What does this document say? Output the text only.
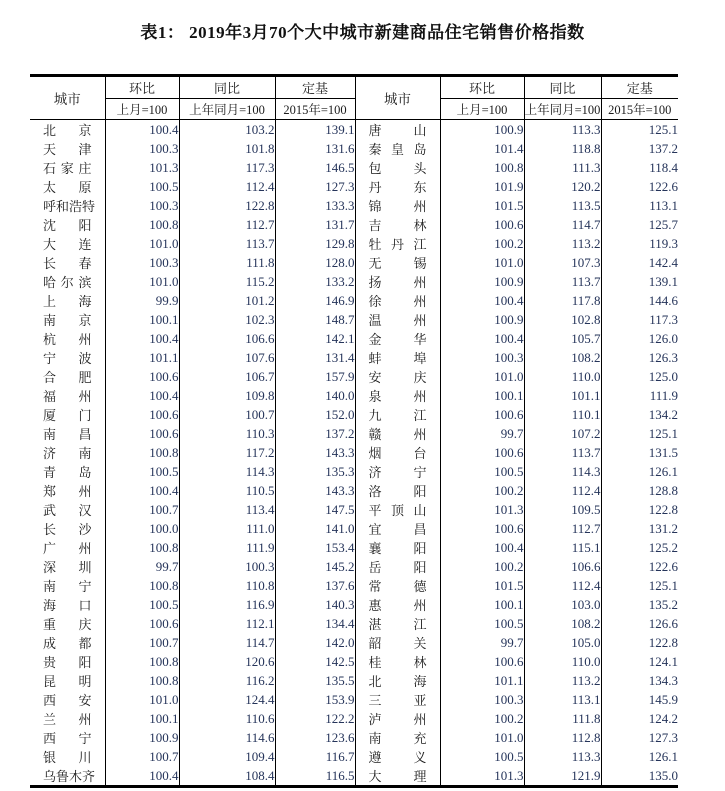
表1： 2019年3月70个大中城市新建商品住宅销售价格指数
城市	环比	同比	定基	城市	环比	同比	定基
	上月=100	上年同月=100	2015年=100		上月=100	上年同月=100	2015年=100

北 京	100.4	103.2	139.1	唐 山	100.9	113.3	125.1

天 津	100.3	101.8	131.6	秦 皇 岛	101.4	118.8	137.2

石 家 庄	101.3	117.3	146.5	包 头	100.8	111.3	118.4

太 原	100.5	112.4	127.3	丹 东	101.9	120.2	122.6

呼 和 浩 特	100.3	122.8	133.3	锦 州	101.5	113.5	113.1

沈 阳	100.8	112.7	131.7	吉 林	100.6	114.7	125.7

大 连	101.0	113.7	129.8	牡 丹 江	100.2	113.2	119.3

长 春	100.3	111.8	128.0	无 锡	101.0	107.3	142.4

哈 尔 滨	101.0	115.2	133.2	扬 州	100.9	113.7	139.1

上 海	99.9	101.2	146.9	徐 州	100.4	117.8	144.6

南 京	100.1	102.3	148.7	温 州	100.9	102.8	117.3

杭 州	100.4	106.6	142.1	金 华	100.4	105.7	126.0

宁 波	101.1	107.6	131.4	蚌 埠	100.3	108.2	126.3

合 肥	100.6	106.7	157.9	安 庆	101.0	110.0	125.0

福 州	100.4	109.8	140.0	泉 州	100.1	101.1	111.9

厦 门	100.6	100.7	152.0	九 江	100.6	110.1	134.2

南 昌	100.6	110.3	137.2	赣 州	99.7	107.2	125.1

济 南	100.8	117.2	143.3	烟 台	100.6	113.7	131.5

青 岛	100.5	114.3	135.3	济 宁	100.5	114.3	126.1

郑 州	100.4	110.5	143.3	洛 阳	100.2	112.4	128.8

武 汉	100.7	113.4	147.5	平 顶 山	101.3	109.5	122.8

长 沙	100.0	111.0	141.0	宜 昌	100.6	112.7	131.2

广 州	100.8	111.9	153.4	襄 阳	100.4	115.1	125.2

深 圳	99.7	100.3	145.2	岳 阳	100.2	106.6	122.6

南 宁	100.8	110.8	137.6	常 德	101.5	112.4	125.1

海 口	100.5	116.9	140.3	惠 州	100.1	103.0	135.2

重 庆	100.6	112.1	134.4	湛 江	100.5	108.2	126.6

成 都	100.7	114.7	142.0	韶 关	99.7	105.0	122.8

贵 阳	100.8	120.6	142.5	桂 林	100.6	110.0	124.1

昆 明	100.8	116.2	135.5	北 海	101.1	113.2	134.3

西 安	101.0	124.4	153.9	三 亚	100.3	113.1	145.9

兰 州	100.1	110.6	122.2	泸 州	100.2	111.8	124.2

西 宁	100.9	114.6	123.6	南 充	101.0	112.8	127.3

银 川	100.7	109.4	116.7	遵 义	100.5	113.3	126.1

乌 鲁 木 齐	100.4	108.4	116.5	大 理	101.3	121.9	135.0
